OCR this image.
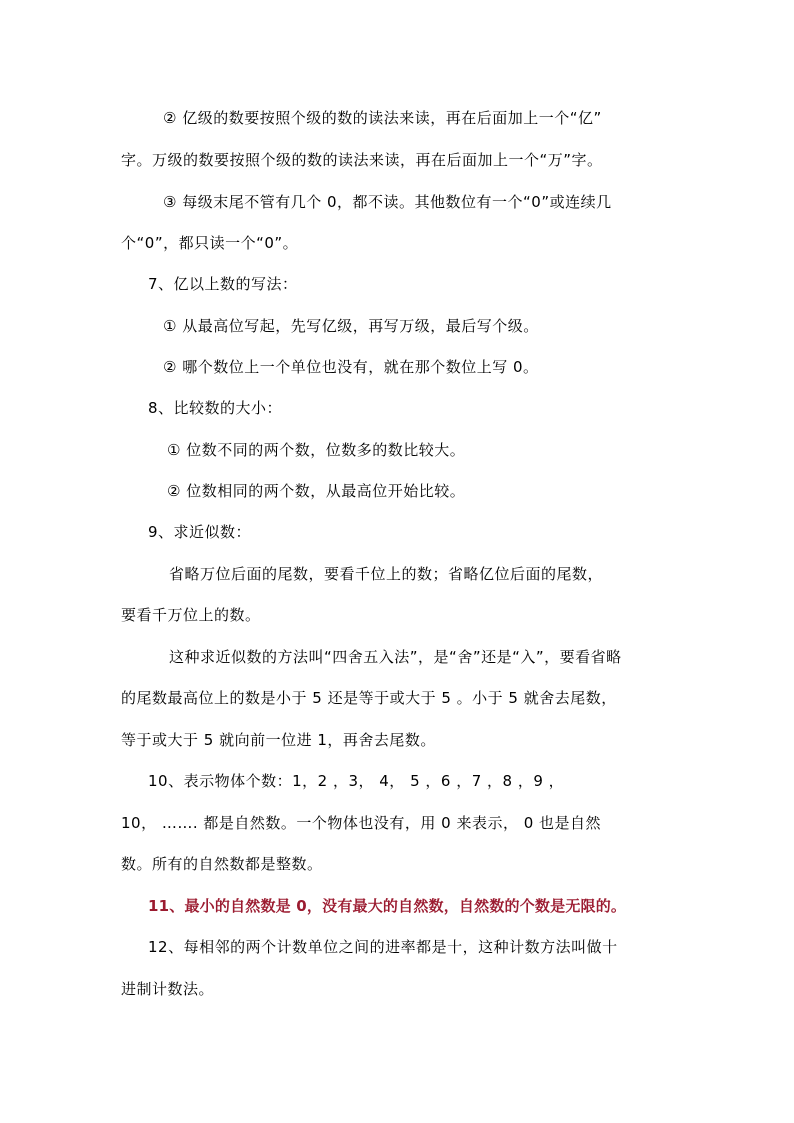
② 亿级的数要按照个级的数的读法来读，再在后面加上一个“亿”
字。万级的数要按照个级的数的读法来读，再在后面加上一个“万”字。
③ 每级末尾不管有几个 0，都不读。其他数位有一个“0”或连续几
个“0”，都只读一个“0”。
7、亿以上数的写法：
① 从最高位写起，先写亿级，再写万级，最后写个级。
② 哪个数位上一个单位也没有，就在那个数位上写 0。
8、比较数的大小：
① 位数不同的两个数，位数多的数比较大。
② 位数相同的两个数，从最高位开始比较。
9、求近似数：
省略万位后面的尾数，要看千位上的数；省略亿位后面的尾数，
要看千万位上的数。
这种求近似数的方法叫“四舍五入法”，是“舍”还是“入”，要看省略
的尾数最高位上的数是小于 5 还是等于或大于 5 。小于 5 就舍去尾数，
等于或大于 5 就向前一位进 1，再舍去尾数。
10、表示物体个数：1，2 ，3， 4， 5 ，6 ，7 ，8 ，9 ，
10， ……. 都是自然数。一个物体也没有，用 0 来表示， 0 也是自然
数。所有的自然数都是整数。
11、最小的自然数是 0，没有最大的自然数，自然数的个数是无限的。
12、每相邻的两个计数单位之间的进率都是十，这种计数方法叫做十
进制计数法。
